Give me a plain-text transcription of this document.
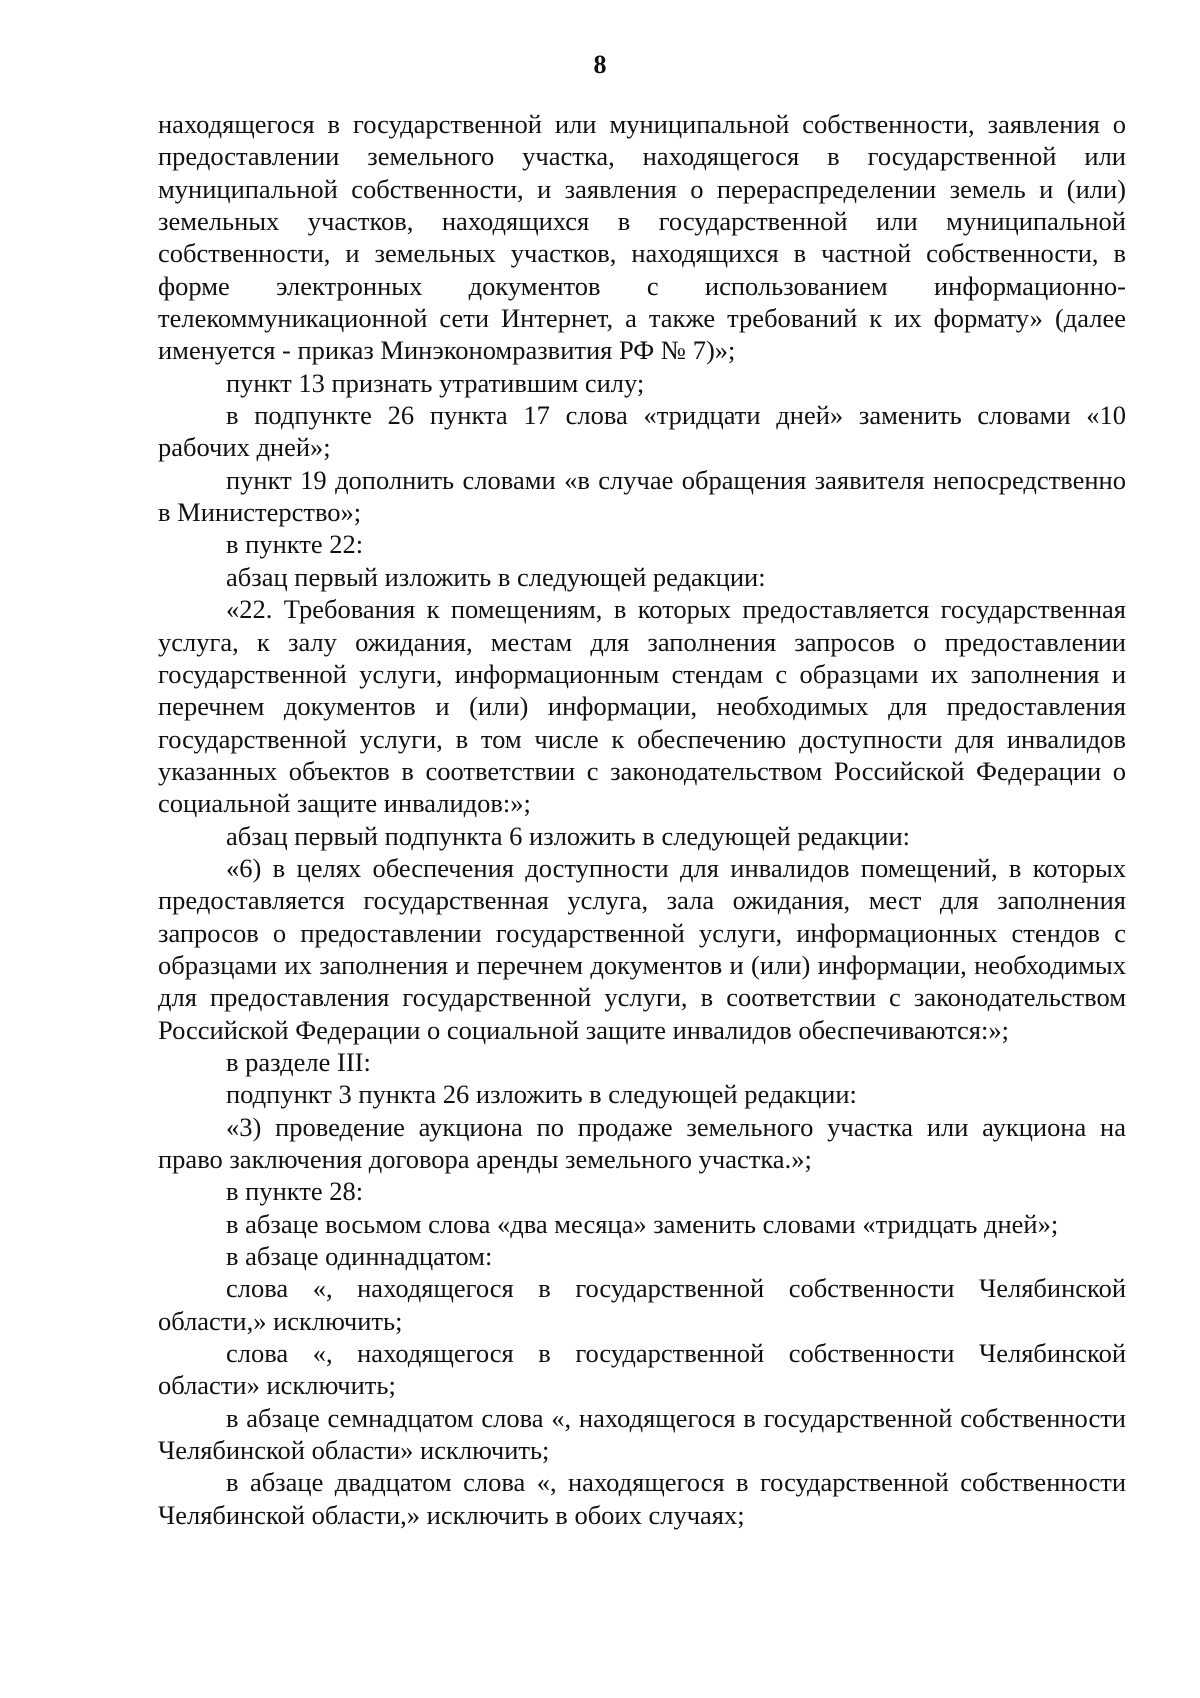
8

находящегося в государственной или муниципальной собственности, заявления о предоставлении земельного участка, находящегося в государственной или муниципальной собственности, и заявления о перераспределении земель и (или) земельных участков, находящихся в государственной или муниципальной собственности, и земельных участков, находящихся в частной собственности, в форме электронных документов с использованием информационно-телекоммуникационной сети Интернет, а также требований к их формату» (далее именуется - приказ Минэкономразвития РФ № 7)»;

пункт 13 признать утратившим силу;

в подпункте 26 пункта 17 слова «тридцати дней» заменить словами «10 рабочих дней»;

пункт 19 дополнить словами «в случае обращения заявителя непосредственно в Министерство»;

в пункте 22:

абзац первый изложить в следующей редакции:

«22. Требования к помещениям, в которых предоставляется государственная услуга, к залу ожидания, местам для заполнения запросов о предоставлении государственной услуги, информационным стендам с образцами их заполнения и перечнем документов и (или) информации, необходимых для предоставления государственной услуги, в том числе к обеспечению доступности для инвалидов указанных объектов в соответствии с законодательством Российской Федерации о социальной защите инвалидов:»;

абзац первый подпункта 6 изложить в следующей редакции:

«6) в целях обеспечения доступности для инвалидов помещений, в которых предоставляется государственная услуга, зала ожидания, мест для заполнения запросов о предоставлении государственной услуги, информационных стендов с образцами их заполнения и перечнем документов и (или) информации, необходимых для предоставления государственной услуги, в соответствии с законодательством Российской Федерации о социальной защите инвалидов обеспечиваются:»;

в разделе III:

подпункт 3 пункта 26 изложить в следующей редакции:

«3) проведение аукциона по продаже земельного участка или аукциона на право заключения договора аренды земельного участка.»;

в пункте 28:

в абзаце восьмом слова «два месяца» заменить словами «тридцать дней»;

в абзаце одиннадцатом:

слова «, находящегося в государственной собственности Челябинской области,» исключить;

слова «, находящегося в государственной собственности Челябинской области» исключить;

в абзаце семнадцатом слова «, находящегося в государственной собственности Челябинской области» исключить;

в абзаце двадцатом слова «, находящегося в государственной собственности Челябинской области,» исключить в обоих случаях;
